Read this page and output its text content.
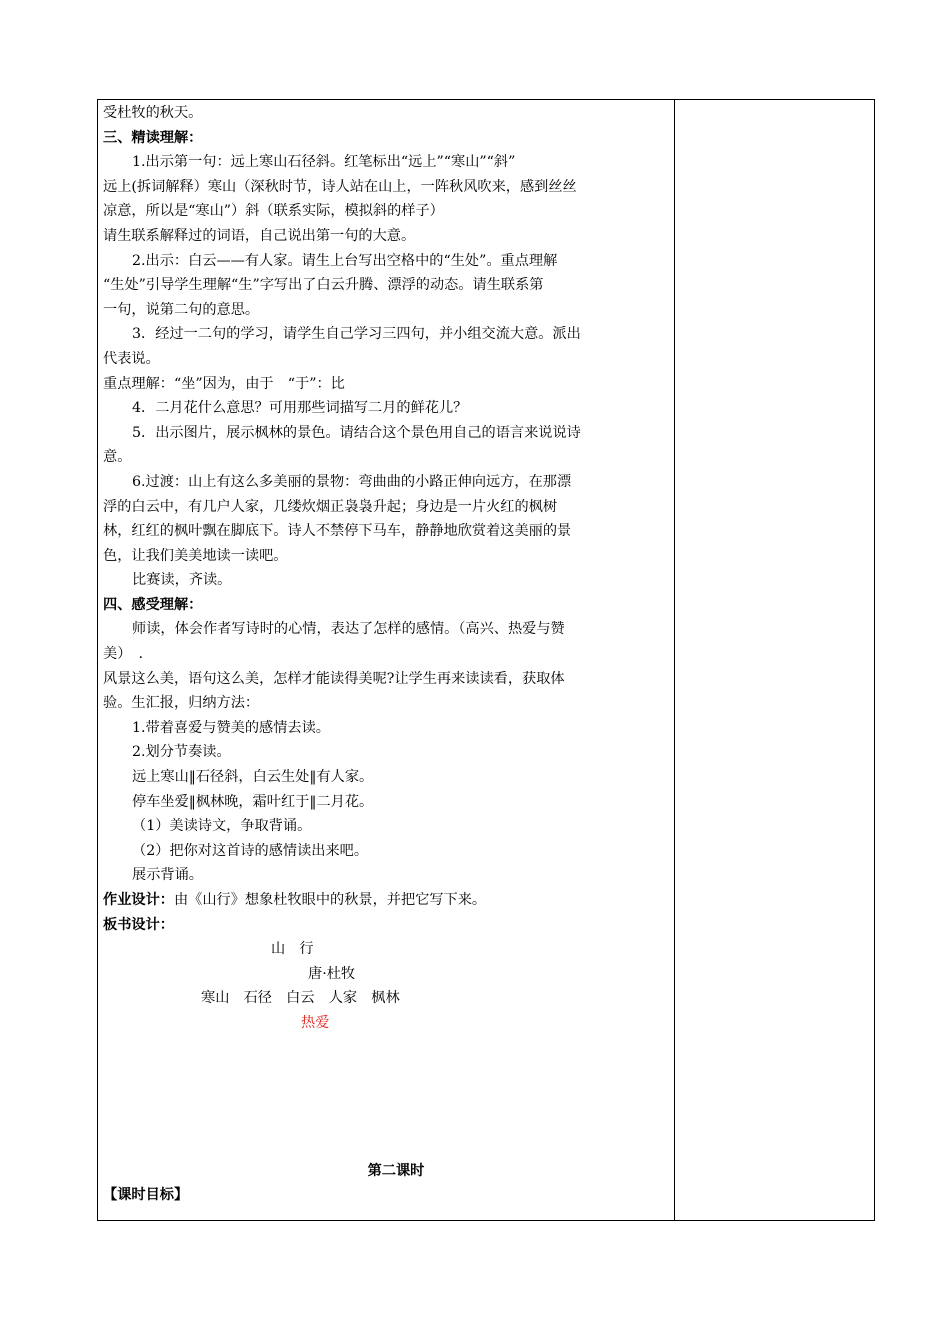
受杜牧的秋天。
三、精读理解：
1.出示第一句：远上寒山石径斜。红笔标出“远上”“寒山”“斜”
远上(拆词解释）寒山（深秋时节，诗人站在山上，一阵秋风吹来，感到丝丝
凉意，所以是“寒山”）斜（联系实际，模拟斜的样子）
请生联系解释过的词语，自己说出第一句的大意。
2.出示：白云——有人家。请生上台写出空格中的“生处”。重点理解
“生处”引导学生理解“生”字写出了白云升腾、漂浮的动态。请生联系第
一句，说第二句的意思。
3．经过一二句的学习，请学生自己学习三四句，并小组交流大意。派出
代表说。
重点理解：“坐”因为，由于　“于”：比
4．二月花什么意思？可用那些词描写二月的鲜花儿？
5．出示图片，展示枫林的景色。请结合这个景色用自己的语言来说说诗
意。
6.过渡：山上有这么多美丽的景物：弯曲曲的小路正伸向远方，在那漂
浮的白云中，有几户人家，几缕炊烟正袅袅升起；身边是一片火红的枫树
林，红红的枫叶飘在脚底下。诗人不禁停下马车，静静地欣赏着这美丽的景
色，让我们美美地读一读吧。
比赛读，齐读。
四、感受理解：
师读，体会作者写诗时的心情，表达了怎样的感情。（高兴、热爱与赞
美）　.
风景这么美，语句这么美，怎样才能读得美呢?让学生再来读读看，获取体
验。生汇报，归纳方法：
1.带着喜爱与赞美的感情去读。
2.划分节奏读。
远上寒山‖石径斜，白云生处‖有人家。
停车坐爱‖枫林晚，霜叶红于‖二月花。
（1）美读诗文，争取背诵。
（2）把你对这首诗的感情读出来吧。
展示背诵。
作业设计：由《山行》想象杜牧眼中的秋景，并把它写下来。
板书设计：
山　行
唐·杜牧
寒山　石径　白云　人家　枫林
热爱
第二课时
【课时目标】
